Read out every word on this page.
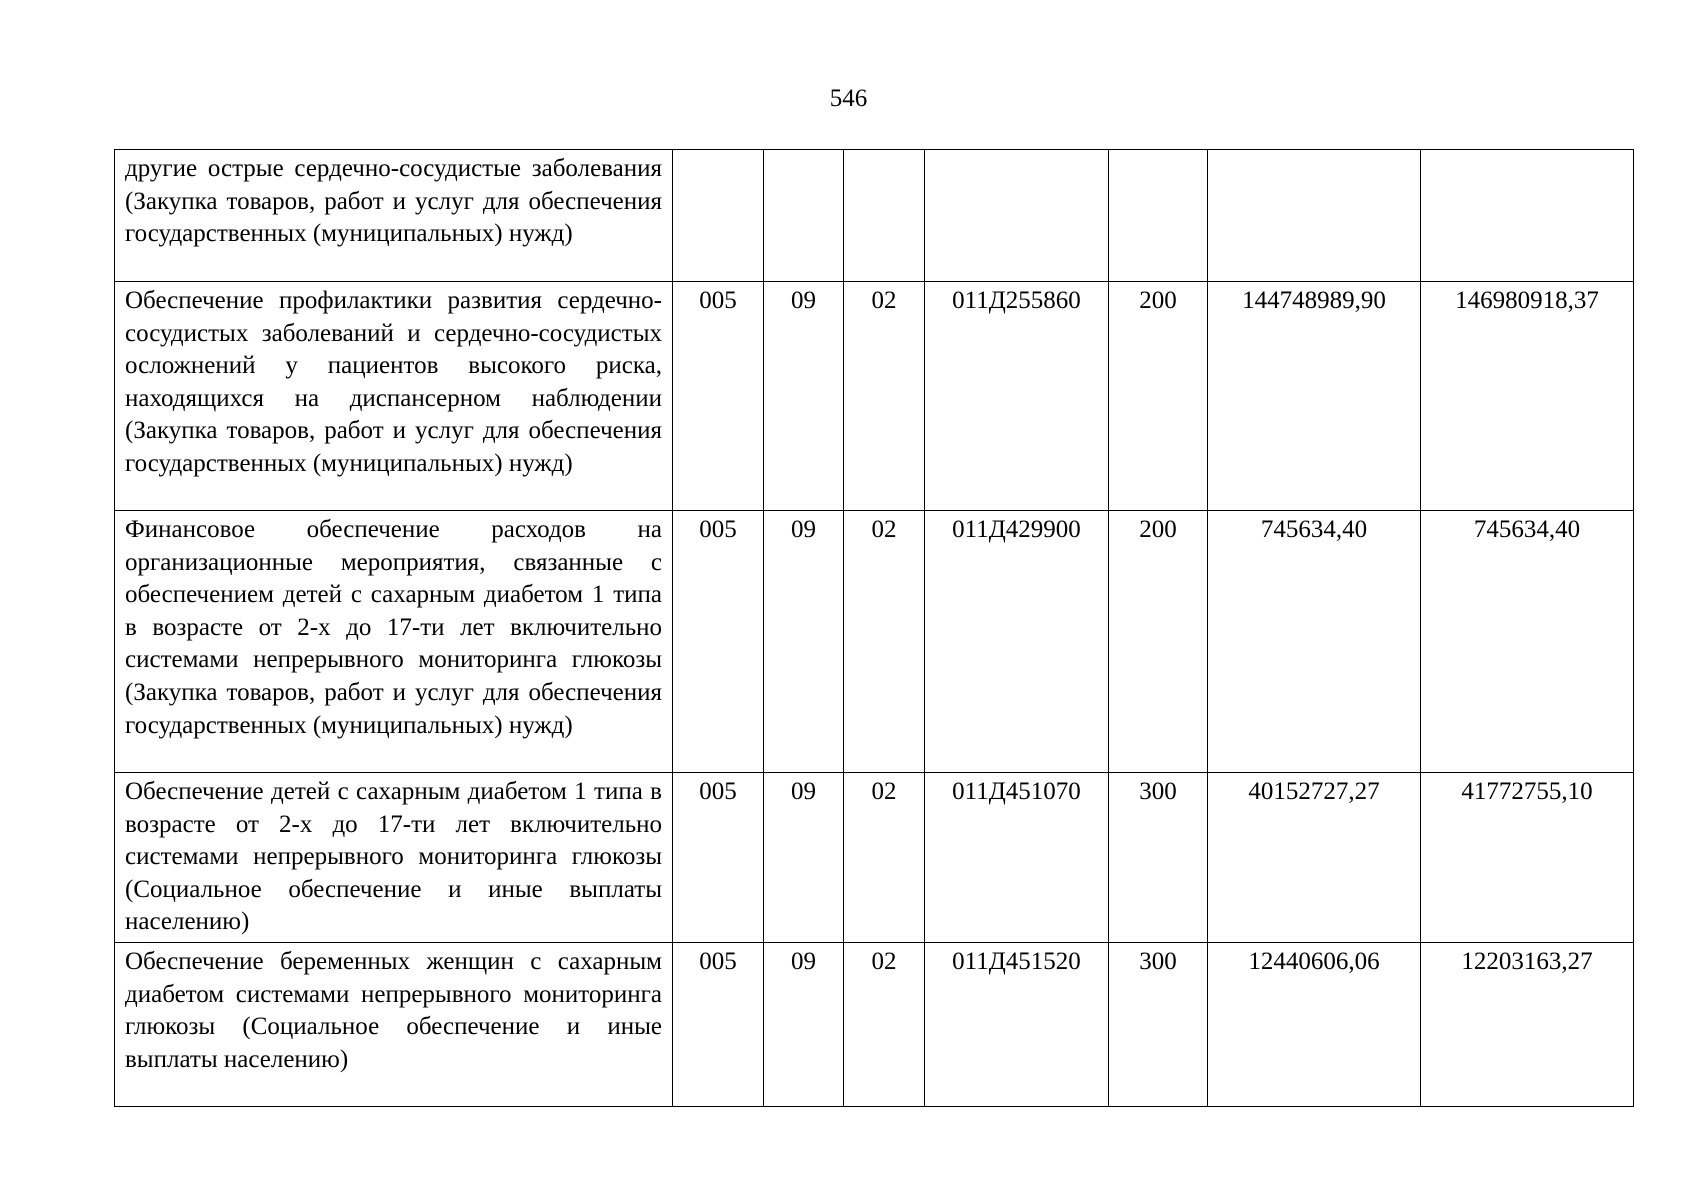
546
другие острые сердечно-сосудистые заболевания (Закупка товаров, работ и услуг для обеспечения государственных (муниципальных) нужд)							
Обеспечение профилактики развития сердечно-сосудистых заболеваний и сердечно-сосудистых осложнений у пациентов высокого риска, находящихся на диспансерном наблюдении (Закупка товаров, работ и услуг для обеспечения государственных (муниципальных) нужд)	005	09	02	011Д255860	200	144748989,90	146980918,37
Финансовое обеспечение расходов на организационные мероприятия, связанные с обеспечением детей с сахарным диабетом 1 типа в возрасте от 2-х до 17-ти лет включительно системами непрерывного мониторинга глюкозы (Закупка товаров, работ и услуг для обеспечения государственных (муниципальных) нужд)	005	09	02	011Д429900	200	745634,40	745634,40
Обеспечение детей с сахарным диабетом 1 типа в возрасте от 2-х до 17-ти лет включительно системами непрерывного мониторинга глюкозы (Социальное обеспечение и иные выплаты населению)	005	09	02	011Д451070	300	40152727,27	41772755,10
Обеспечение беременных женщин с сахарным диабетом системами непрерывного мониторинга глюкозы (Социальное обеспечение и иные выплаты населению)	005	09	02	011Д451520	300	12440606,06	12203163,27
